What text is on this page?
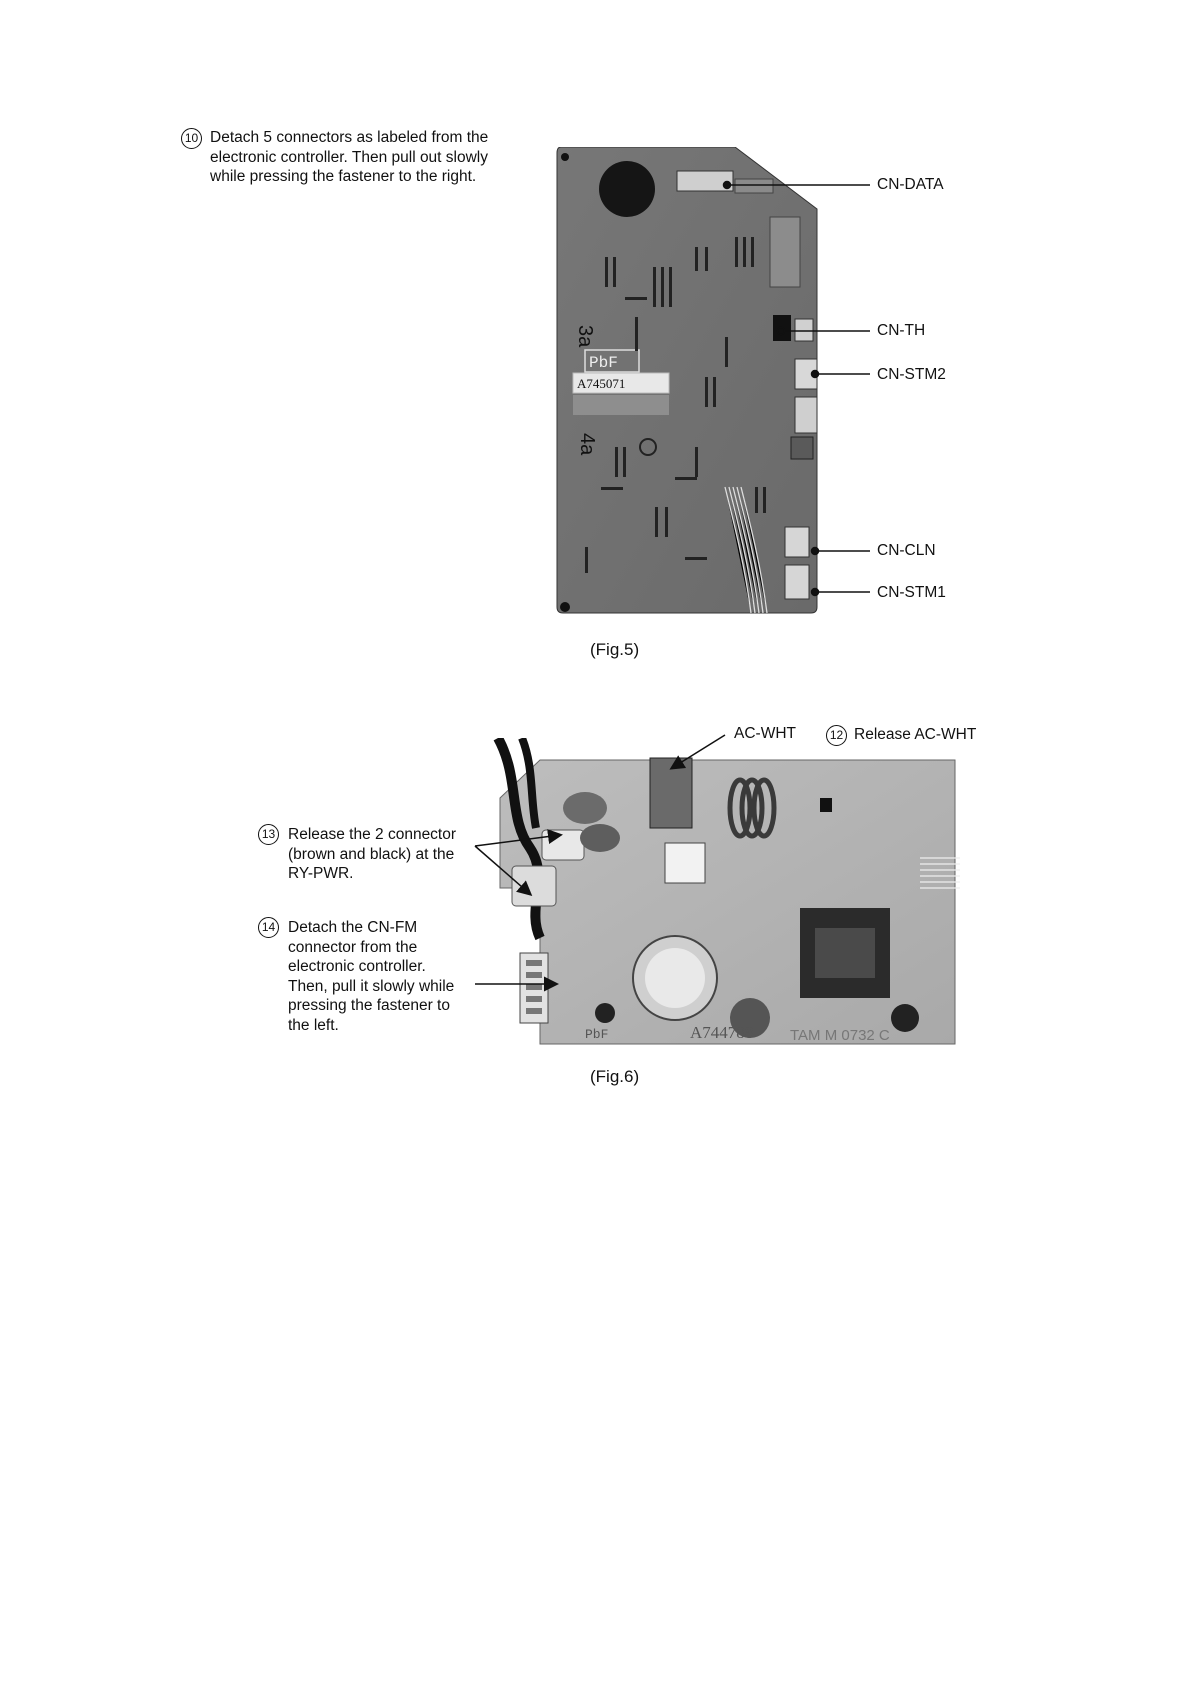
10 Detach 5 connectors as labeled from the
electronic controller. Then pull out slowly
while pressing the fastener to the right.
3a
4a
PbF
A745071
CN-DATA
CN-TH
CN-STM2
CN-CLN
CN-STM1
(Fig.5)
AC-WHT	12 Release AC-WHT
13 Release the 2 connector
(brown and black) at the
RY-PWR.
14 Detach the CN-FM
connector from the
electronic controller.
Then, pull it slowly while
pressing the fastener to
the left.
PbF	A744788 TAM M 0732 C
(Fig.6)
